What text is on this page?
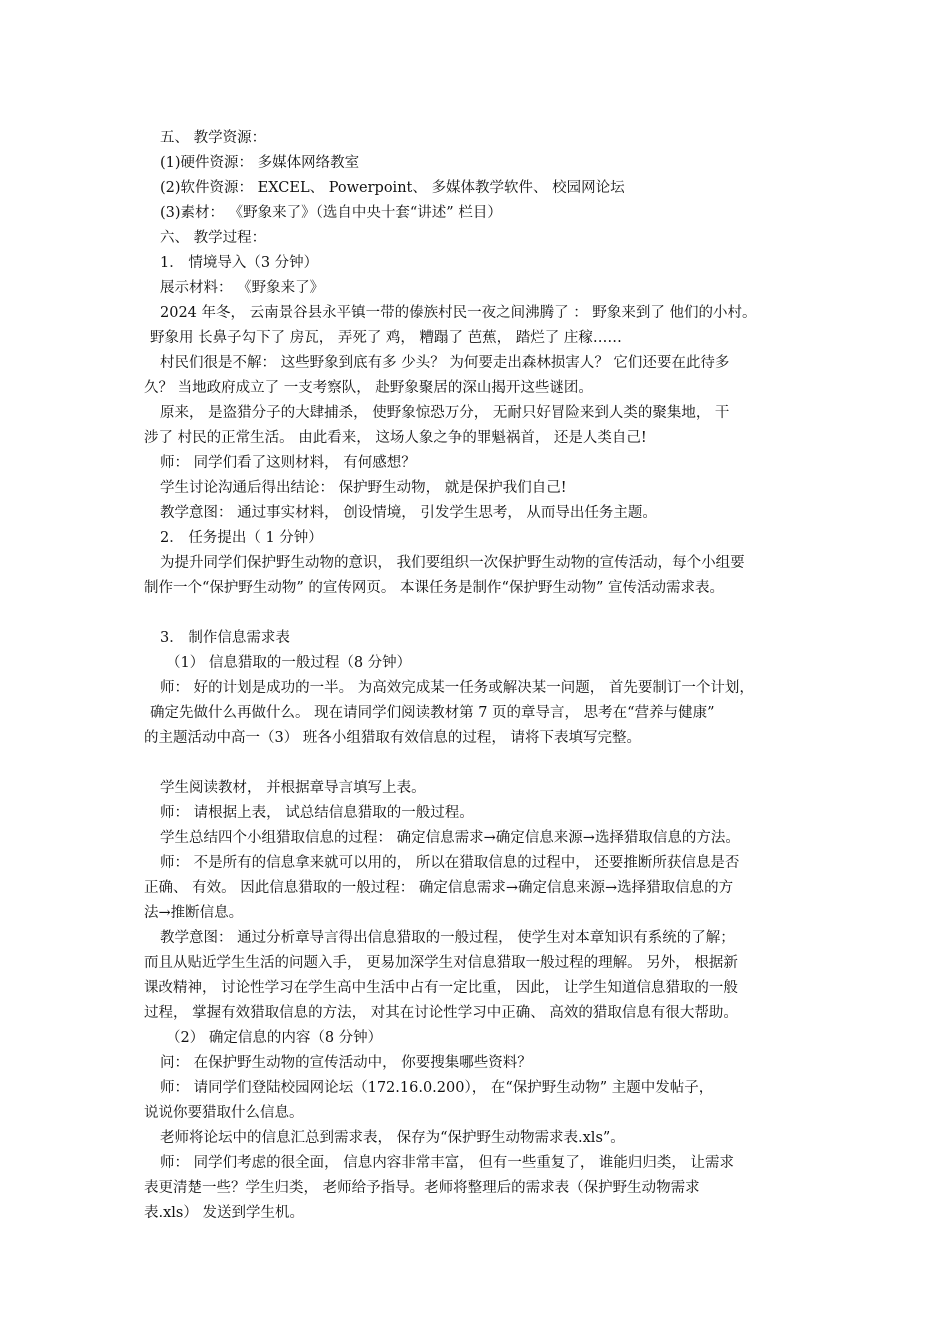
五、 教学资源：
(1)硬件资源： 多媒体网络教室
(2)软件资源： EXCEL、 Powerpoint、 多媒体教学软件、 校园网论坛
(3)素材： 《野象来了》（选自中央十套“讲述” 栏目）
六、 教学过程：
1． 情境导入（3 分钟）
展示材料： 《野象来了》
2024 年冬， 云南景谷县永平镇一带的傣族村民一夜之间沸腾了 ： 野象来到了 他们的小村。
野象用 长鼻子勾下了 房瓦， 弄死了 鸡， 糟蹋了 芭蕉， 踏烂了 庄稼……
村民们很是不解： 这些野象到底有多 少头？ 为何要走出森林损害人？ 它们还要在此待多
久？ 当地政府成立了 一支考察队， 赴野象聚居的深山揭开这些谜团。
原来， 是盗猎分子的大肆捕杀， 使野象惊恐万分， 无耐只好冒险来到人类的聚集地， 干
涉了 村民的正常生活。 由此看来， 这场人象之争的罪魁祸首， 还是人类自己!
师： 同学们看了这则材料， 有何感想？
学生讨论沟通后得出结论： 保护野生动物， 就是保护我们自己!
教学意图： 通过事实材料， 创设情境， 引发学生思考， 从而导出任务主题。
2． 任务提出（ 1 分钟）
为提升同学们保护野生动物的意识， 我们要组织一次保护野生动物的宣传活动，每个小组要
制作一个“保护野生动物” 的宣传网页。 本课任务是制作“保护野生动物” 宣传活动需求表。
3． 制作信息需求表
（1） 信息猎取的一般过程（8 分钟）
师： 好的计划是成功的一半。 为高效完成某一任务或解决某一问题， 首先要制订一个计划，
确定先做什么再做什么。 现在请同学们阅读教材第 7 页的章导言， 思考在“营养与健康”
的主题活动中高一（3） 班各小组猎取有效信息的过程， 请将下表填写完整。
学生阅读教材， 并根据章导言填写上表。
师： 请根据上表， 试总结信息猎取的一般过程。
学生总结四个小组猎取信息的过程： 确定信息需求→确定信息来源→选择猎取信息的方法。
师： 不是所有的信息拿来就可以用的， 所以在猎取信息的过程中， 还要推断所获信息是否
正确、 有效。 因此信息猎取的一般过程： 确定信息需求→确定信息来源→选择猎取信息的方
法→推断信息。
教学意图： 通过分析章导言得出信息猎取的一般过程， 使学生对本章知识有系统的了解；
而且从贴近学生生活的问题入手， 更易加深学生对信息猎取一般过程的理解。 另外， 根据新
课改精神， 讨论性学习在学生高中生活中占有一定比重， 因此， 让学生知道信息猎取的一般
过程， 掌握有效猎取信息的方法， 对其在讨论性学习中正确、 高效的猎取信息有很大帮助。
（2） 确定信息的内容（8 分钟）
问： 在保护野生动物的宣传活动中， 你要搜集哪些资料？
师： 请同学们登陆校园网论坛（172.16.0.200）， 在“保护野生动物” 主题中发帖子，
说说你要猎取什么信息。
老师将论坛中的信息汇总到需求表， 保存为“保护野生动物需求表.xls”。
师： 同学们考虑的很全面， 信息内容非常丰富， 但有一些重复了， 谁能归归类， 让需求
表更清楚一些？学生归类， 老师给予指导。老师将整理后的需求表（保护野生动物需求
表.xls） 发送到学生机。
